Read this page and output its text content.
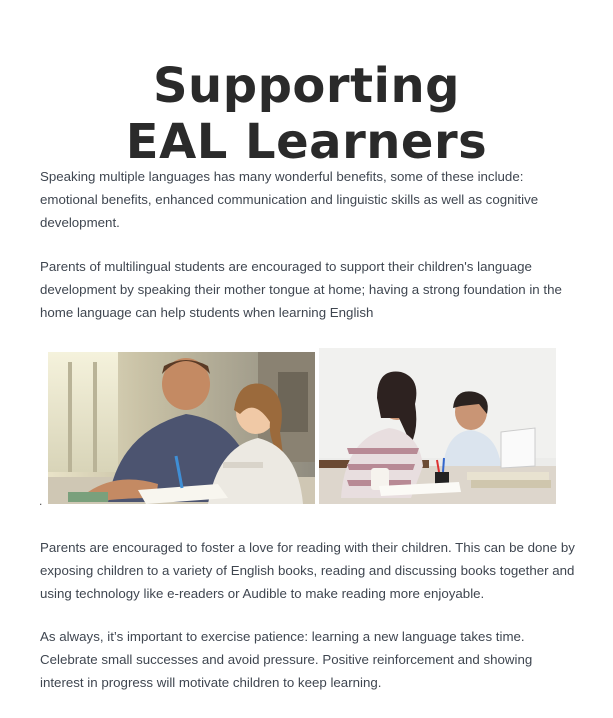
Supporting
EAL Learners

Speaking multiple languages has many wonderful benefits, some of these include: emotional benefits, enhanced communication and linguistic skills as well as cognitive development.

Parents of multilingual students are encouraged to support their children's language development by speaking their mother tongue at home; having a strong foundation in the home language can help students when learning English

.

Parents are encouraged to foster a love for reading with their children. This can be done by exposing children to a variety of English books, reading and discussing books together and using technology like e-readers or Audible to make reading more enjoyable.

As always, it’s important to exercise patience: learning a new language takes time. Celebrate small successes and avoid pressure. Positive reinforcement and showing interest in progress will motivate children to keep learning.
